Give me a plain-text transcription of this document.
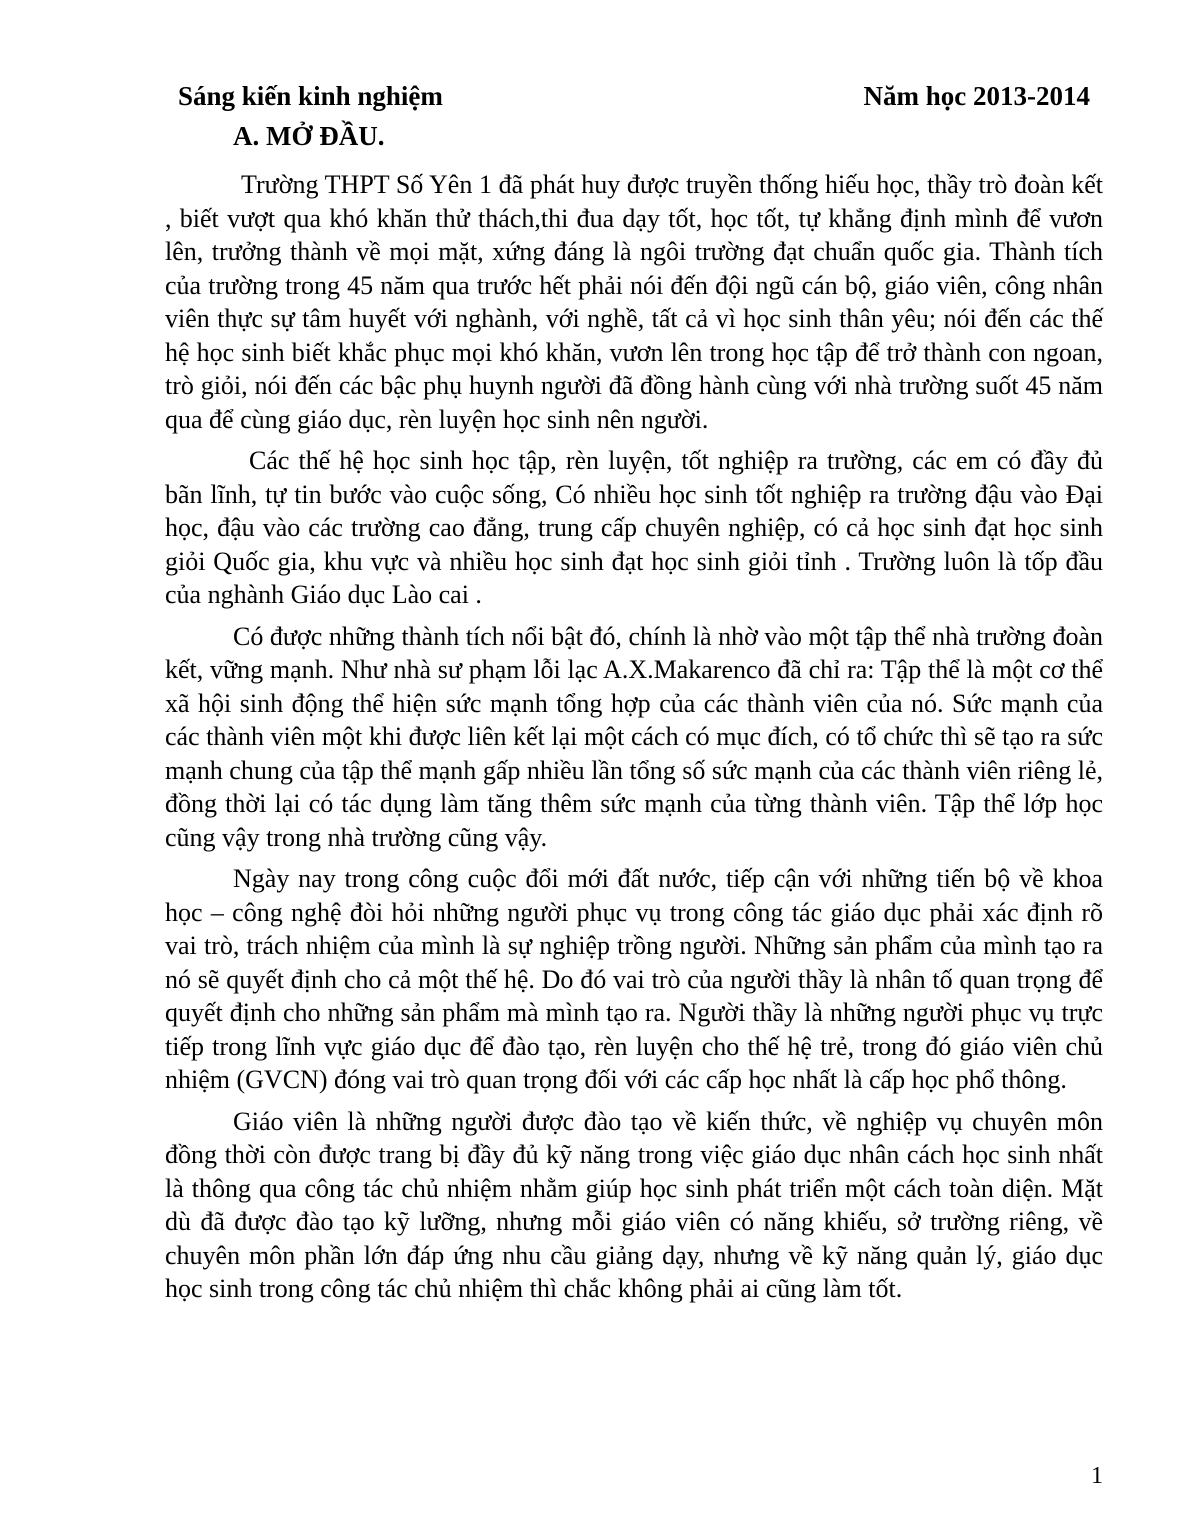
Sáng kiến kinh nghiệm	Năm học 2013-2014
A. MỞ ĐẦU.

Trường THPT Số Yên 1 đã phát huy được truyền thống hiếu học, thầy trò đoàn kết , biết vượt qua khó khăn thử thách,thi đua dạy tốt, học tốt, tự khẳng định mình để vươn lên, trưởng thành về mọi mặt, xứng đáng là ngôi trường đạt chuẩn quốc gia. Thành tích của trường trong 45 năm qua trước hết phải nói đến đội ngũ cán bộ, giáo viên, công nhân viên thực sự tâm huyết với nghành, với nghề, tất cả vì học sinh thân yêu; nói đến các thế hệ học sinh biết khắc phục mọi khó khăn, vươn lên trong học tập để trở thành con ngoan, trò giỏi, nói đến các bậc phụ huynh người đã đồng hành cùng với nhà trường suốt 45 năm qua để cùng giáo dục, rèn luyện học sinh nên người.

Các thế hệ học sinh học tập, rèn luyện, tốt nghiệp ra trường, các em có đầy đủ bãn lĩnh, tự tin bước vào cuộc sống, Có nhiều học sinh tốt nghiệp ra trường đậu vào Đại học, đậu vào các trường cao đẳng, trung cấp chuyên nghiệp, có cả học sinh đạt học sinh giỏi Quốc gia, khu vực và nhiều học sinh đạt học sinh giỏi tỉnh . Trường luôn là tốp đầu của nghành Giáo dục Lào cai .

Có được những thành tích nổi bật đó, chính là nhờ vào một tập thể nhà trường đoàn kết, vững mạnh. Như nhà sư phạm lỗi lạc A.X.Makarenco đã chỉ ra: Tập thể là một cơ thể xã hội sinh động thể hiện sức mạnh tổng hợp của các thành viên của nó. Sức mạnh của các thành viên một khi được liên kết lại một cách có mục đích, có tổ chức thì sẽ tạo ra sức mạnh chung của tập thể mạnh gấp nhiều lần tổng số sức mạnh của các thành viên riêng lẻ, đồng thời lại có tác dụng làm tăng thêm sức mạnh của từng thành viên. Tập thể lớp học cũng vậy trong nhà trường cũng vậy.

Ngày nay trong công cuộc đổi mới đất nước, tiếp cận với những tiến bộ về khoa học – công nghệ đòi hỏi những người phục vụ trong công tác giáo dục phải xác định rõ vai trò, trách nhiệm của mình là sự nghiệp trồng người. Những sản phẩm của mình tạo ra nó sẽ quyết định cho cả một thế hệ. Do đó vai trò của người thầy là nhân tố quan trọng để quyết định cho những sản phẩm mà mình tạo ra. Người thầy là những người phục vụ trực tiếp trong lĩnh vực giáo dục để đào tạo, rèn luyện cho thế hệ trẻ, trong đó giáo viên chủ nhiệm (GVCN) đóng vai trò quan trọng đối với các cấp học nhất là cấp học phổ thông.

Giáo viên là những người được đào tạo về kiến thức, về nghiệp vụ chuyên môn đồng thời còn được trang bị đầy đủ kỹ năng trong việc giáo dục nhân cách học sinh nhất là thông qua công tác chủ nhiệm nhằm giúp học sinh phát triển một cách toàn diện. Mặt dù đã được đào tạo kỹ lưỡng, nhưng mỗi giáo viên có năng khiếu, sở trường riêng, về chuyên môn phần lớn đáp ứng nhu cầu giảng dạy, nhưng về kỹ năng quản lý, giáo dục học sinh trong công tác chủ nhiệm thì chắc không phải ai cũng làm tốt.

1
